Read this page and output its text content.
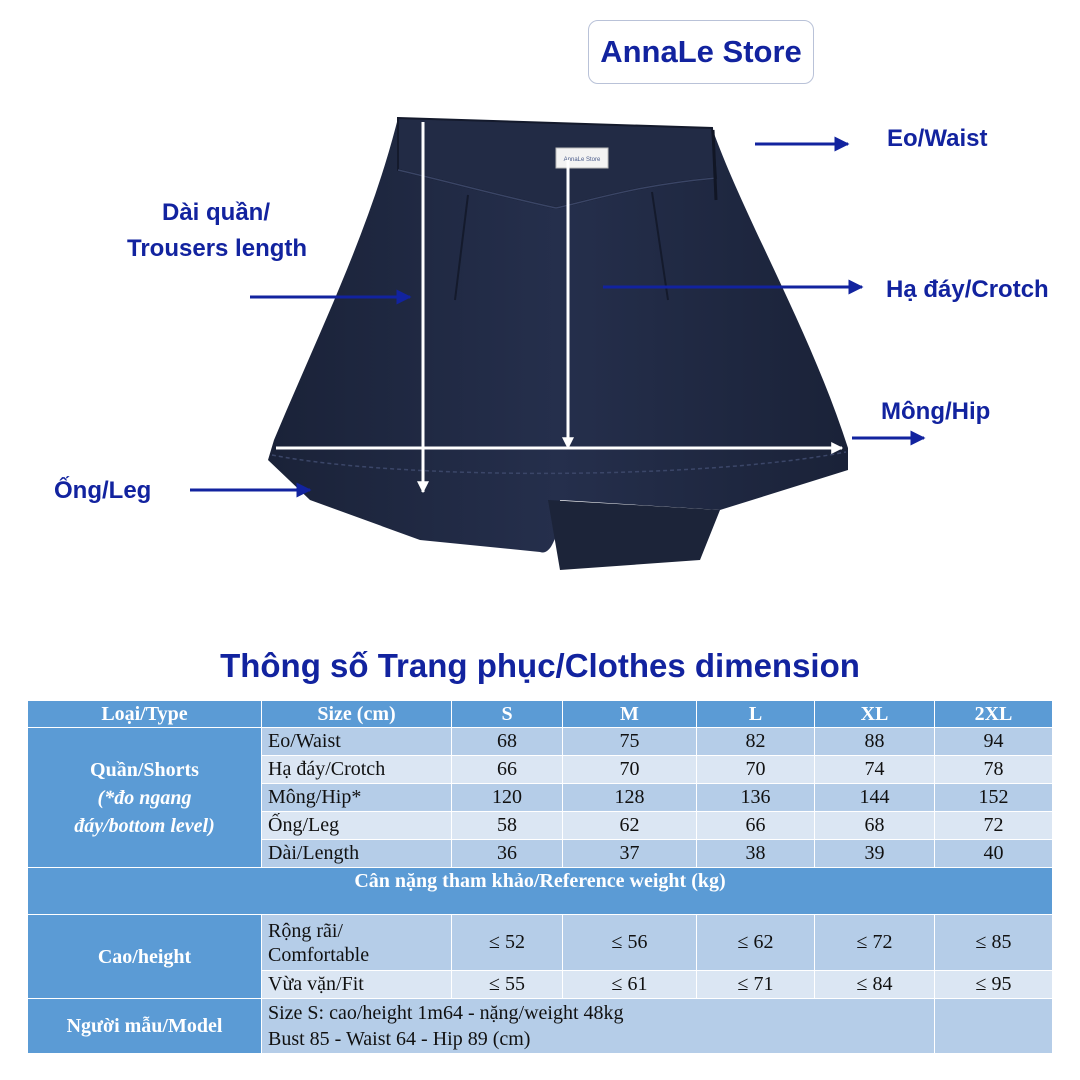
AnnaLe Store
AnnaLe Store
Eo/Waist
Dài quần/
Trousers length
Hạ đáy/Crotch
Mông/Hip
Ống/Leg
Thông số Trang phục/Clothes dimension
Loại/Type	Size (cm)	S	M	L	XL	2XL

Quần/Shorts
(*đo ngang
đáy/bottom level)	Eo/Waist	68	75	82	88	94
	Hạ đáy/Crotch	66	70	70	74	78
	Mông/Hip*	120	128	136	144	152
	Ống/Leg	58	62	66	68	72
	Dài/Length	36	37	38	39	40
Cân nặng tham khảo/Reference weight (kg)						
Cao/height	Rộng rãi/
Comfortable	≤ 52	≤ 56	≤ 62	≤ 72	≤ 85
	Vừa vặn/Fit	≤ 55	≤ 61	≤ 71	≤ 84	≤ 95
Người mẫu/Model	Size S: cao/height 1m64 - nặng/weight 48kg
Bust 85 - Waist 64 - Hip 89 (cm)					
